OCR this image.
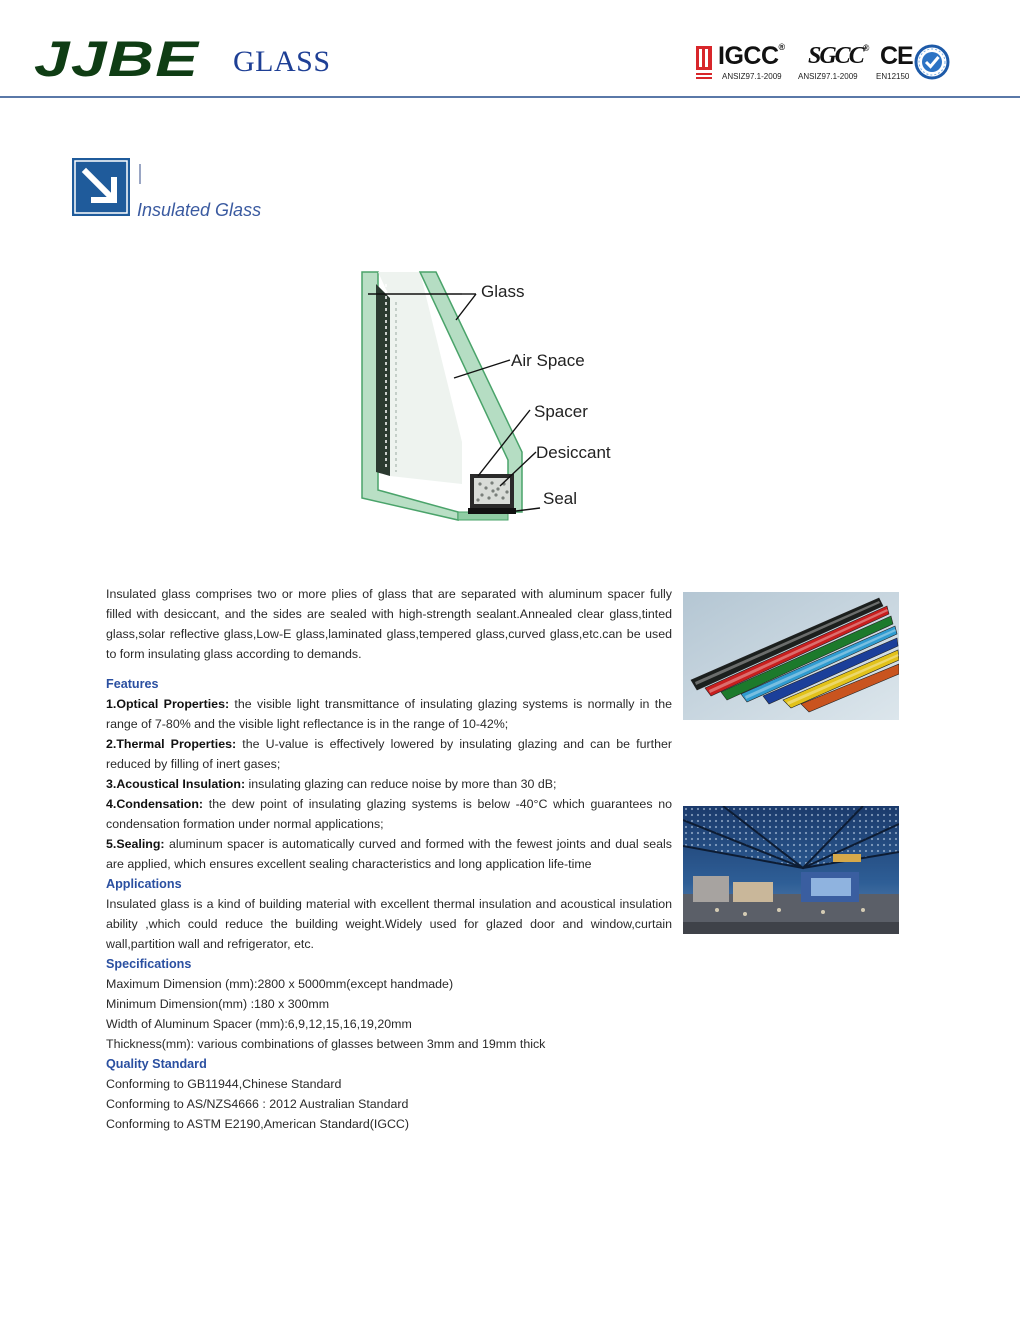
JJBE GLASS	IGCC® SGCC® CE
ANSIZ97.1-2009 ANSIZ97.1-2009 EN12150
Insulated Glass
Glass
Air Space
Spacer
Desiccant
Seal

Insulated glass comprises two or more plies of glass that are separated with aluminum spacer fully filled with desiccant, and the sides are sealed with high-strength sealant.Annealed clear glass,tinted glass,solar reflective glass,Low-E glass,laminated glass,tempered glass,curved glass,etc.can be used to form insulating glass according to demands.

Features

1.Optical Properties: the visible light transmittance of insulating glazing systems is normally in the range of 7-80% and the visible light reflectance is in the range of 10-42%;

2.Thermal Properties: the U-value is effectively lowered by insulating glazing and can be further reduced by filling of inert gases;

3.Acoustical Insulation: insulating glazing can reduce noise by more than 30 dB;

4.Condensation: the dew point of insulating glazing systems is below -40°C which guarantees no condensation formation under normal applications;

5.Sealing: aluminum spacer is automatically curved and formed with the fewest joints and dual seals are applied, which ensures excellent sealing characteristics and long application life-time

Applications

Insulated glass is a kind of building material with excellent thermal insulation and acoustical insulation ability ,which could reduce the building weight.Widely used for glazed door and window,curtain wall,partition wall and refrigerator, etc.

Specifications

Maximum Dimension (mm):2800 x 5000mm(except handmade)

Minimum Dimension(mm) :180 x 300mm

Width of Aluminum Spacer (mm):6,9,12,15,16,19,20mm

Thickness(mm): various combinations of glasses between 3mm and 19mm thick

Quality Standard

Conforming to GB11944,Chinese Standard

Conforming to AS/NZS4666 : 2012 Australian Standard

Conforming to ASTM E2190,American Standard(IGCC)
